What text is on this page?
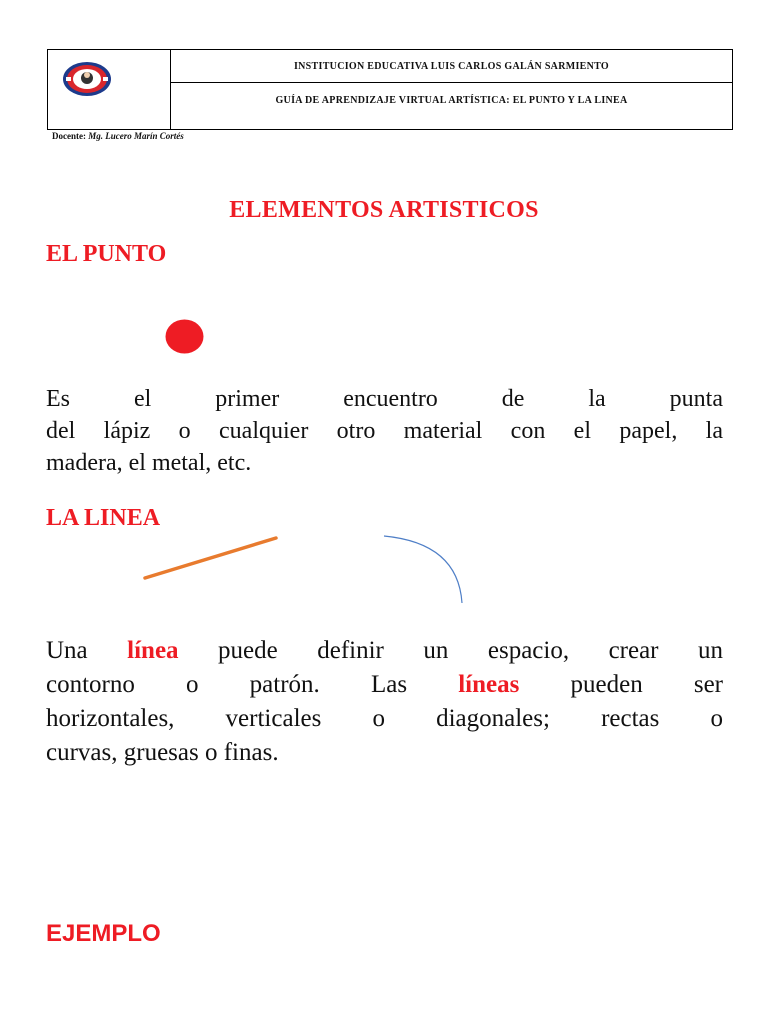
INSTITUCION EDUCATIVA LUIS CARLOS GALÁN SARMIENTO
GUÍA DE APRENDIZAJE VIRTUAL ARTÍSTICA: EL PUNTO Y LA LINEA
Docente: Mg. Lucero Marín Cortés
ELEMENTOS ARTISTICOS
EL PUNTO
Es el primer encuentro de la punta
del lápiz o cualquier otro material con el papel, la
madera, el metal, etc.
LA LINEA
Una línea puede definir un espacio, crear un
contorno o patrón. Las líneas pueden ser
horizontales, verticales o diagonales; rectas o
curvas, gruesas o finas.
EJEMPLO
